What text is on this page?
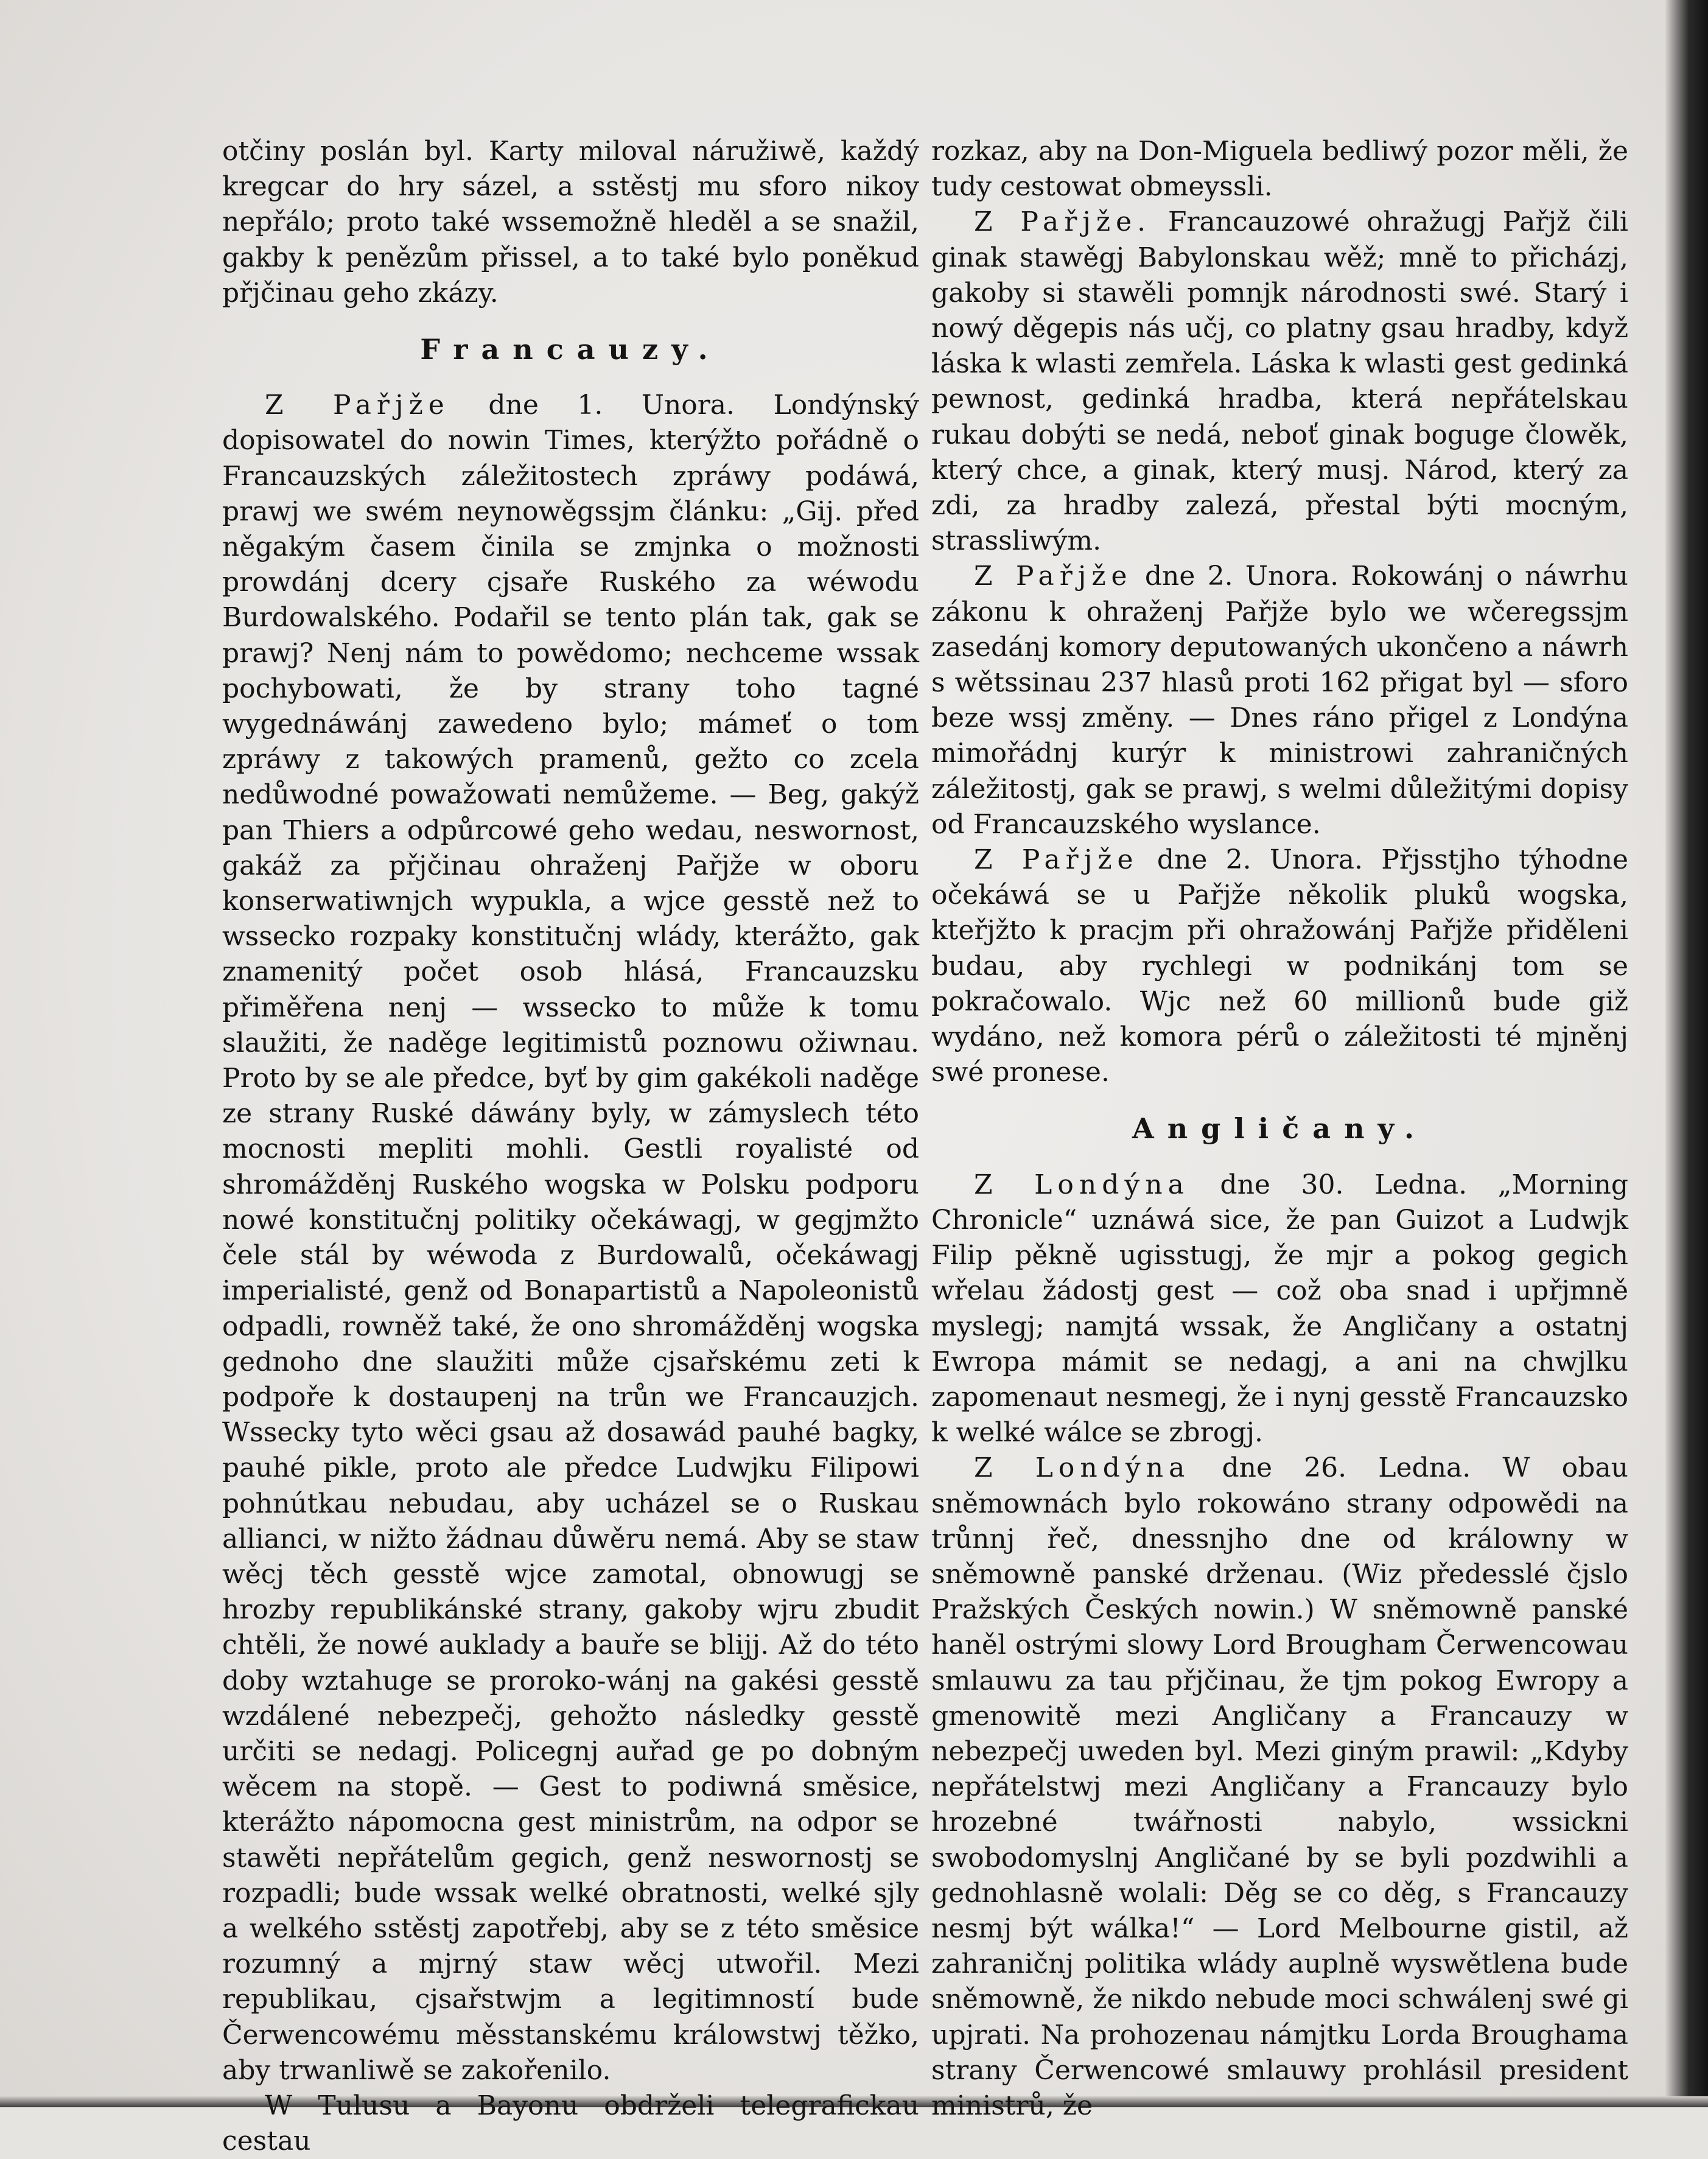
otčiny poslán byl. Karty miloval náružiwě, každý kregcar do hry sázel, a sstěstj mu sforo nikoy nepřálo; proto také wssemožně hleděl a se snažil, gakby k penězům přissel, a to také bylo poněkud přjčinau geho zkázy.

Francauzy.

Z Pařjže dne 1. Unora. Londýnský dopisowatel do nowin Times, kterýžto pořádně o Francauzských záležitostech zpráwy podáwá, prawj we swém neynowěgssjm článku: „Gij. před něgakým časem činila se zmjnka o možnosti prowdánj dcery cjsaře Ruského za wéwodu Burdowalského. Podařil se tento plán tak, gak se prawj? Nenj nám to powědomo; nechceme wssak pochybowati, že by strany toho tagné wygednáwánj zawedeno bylo; mámeť o tom zpráwy z takowých pramenů, gežto co zcela nedůwodné powažowati nemůžeme. — Beg, gakýž pan Thiers a odpůrcowé geho wedau, neswornost, gakáž za přjčinau ohraženj Pařjže w oboru konserwatiwnjch wypukla, a wjce gesstě než to wssecko rozpaky konstitučnj wlády, kterážto, gak znamenitý počet osob hlásá, Francauzsku přiměřena nenj — wssecko to může k tomu slaužiti, že naděge legitimistů poznowu ožiwnau. Proto by se ale předce, byť by gim gakékoli naděge ze strany Ruské dáwány byly, w zámyslech této mocnosti mepliti mohli. Gestli royalisté od shromážděnj Ruského wogska w Polsku podporu nowé konstitučnj politiky očekáwagj, w gegjmžto čele stál by wéwoda z Burdowalů, očekáwagj imperialisté, genž od Bonapartistů a Napoleonistů odpadli, rowněž také, že ono shromážděnj wogska gednoho dne slaužiti může cjsařskému zeti k podpoře k dostaupenj na trůn we Francauzjch. Wssecky tyto wěci gsau až dosawád pauhé bagky, pauhé pikle, proto ale předce Ludwjku Filipowi pohnútkau nebudau, aby ucházel se o Ruskau allianci, w nižto žádnau důwěru nemá. Aby se staw wěcj těch gesstě wjce zamotal, obnowugj se hrozby republikánské strany, gakoby wjru zbudit chtěli, že nowé auklady a bauře se blijj. Až do této doby wztahuge se proroko-wánj na gakési gesstě wzdálené nebezpečj, gehožto následky gesstě určiti se nedagj. Policegnj auřad ge po dobným wěcem na stopě. — Gest to podiwná směsice, kterážto nápomocna gest ministrům, na odpor se stawěti nepřátelům gegich, genž neswornostj se rozpadli; bude wssak welké obratnosti, welké sjly a welkého sstěstj zapotřebj, aby se z této směsice rozumný a mjrný staw wěcj utwořil. Mezi republikau, cjsařstwjm a legitimností bude Čerwencowému měsstanskému králowstwj těžko, aby trwanliwě se zakořenilo.

W Tulusu a Bayonu obdrželi telegrafickau cestau

rozkaz, aby na Don-Miguela bedliwý pozor měli, že tudy cestowat obmeyssli.

Z Pařjže. Francauzowé ohražugj Pařjž čili ginak stawěgj Babylonskau wěž; mně to přicházj, gakoby si stawěli pomnjk národnosti swé. Starý i nowý děgepis nás učj, co platny gsau hradby, když láska k wlasti zemřela. Láska k wlasti gest gedinká pewnost, gedinká hradba, která nepřátelskau rukau dobýti se nedá, neboť ginak boguge člowěk, který chce, a ginak, který musj. Národ, který za zdi, za hradby zalezá, přestal býti mocným, strassliwým.

Z Pařjže dne 2. Unora. Rokowánj o náwrhu zákonu k ohraženj Pařjže bylo we wčeregssjm zasedánj komory deputowaných ukončeno a náwrh s wětssinau 237 hlasů proti 162 přigat byl — sforo beze wssj změny. — Dnes ráno přigel z Londýna mimořádnj kurýr k ministrowi zahraničných záležitostj, gak se prawj, s welmi důležitými dopisy od Francauzského wyslance.

Z Pařjže dne 2. Unora. Přjsstjho týhodne očekáwá se u Pařjže několik pluků wogska, kteřjžto k pracjm při ohražowánj Pařjže přiděleni budau, aby rychlegi w podnikánj tom se pokračowalo. Wjc než 60 millionů bude giž wydáno, než komora pérů o záležitosti té mjněnj swé pronese.

Angličany.

Z Londýna dne 30. Ledna. „Morning Chronicle“ uznáwá sice, že pan Guizot a Ludwjk Filip pěkně ugisstugj, že mjr a pokog gegich wřelau žádostj gest — což oba snad i upřjmně myslegj; namjtá wssak, že Angličany a ostatnj Ewropa mámit se nedagj, a ani na chwjlku zapomenaut nesmegj, že i nynj gesstě Francauzsko k welké wálce se zbrogj.

Z Londýna dne 26. Ledna. W obau sněmownách bylo rokowáno strany odpowědi na trůnnj řeč, dnessnjho dne od králowny w sněmowně panské drženau. (Wiz předesslé čjslo Pražských Českých nowin.) W sněmowně panské haněl ostrými slowy Lord Brougham Čerwencowau smlauwu za tau přjčinau, že tjm pokog Ewropy a gmenowitě mezi Angličany a Francauzy w nebezpečj uweden byl. Mezi giným prawil: „Kdyby nepřátelstwj mezi Angličany a Francauzy bylo hrozebné twářnosti nabylo, wssickni swobodomyslnj Angličané by se byli pozdwihli a gednohlasně wolali: Děg se co děg, s Francauzy nesmj být wálka!“ — Lord Melbourne gistil, až zahraničnj politika wlády auplně wyswětlena bude sněmowně, že nikdo nebude moci schwálenj swé gi upjrati. Na prohozenau námjtku Lorda Broughama strany Čerwencowé smlauwy prohlásil president ministrů, že
